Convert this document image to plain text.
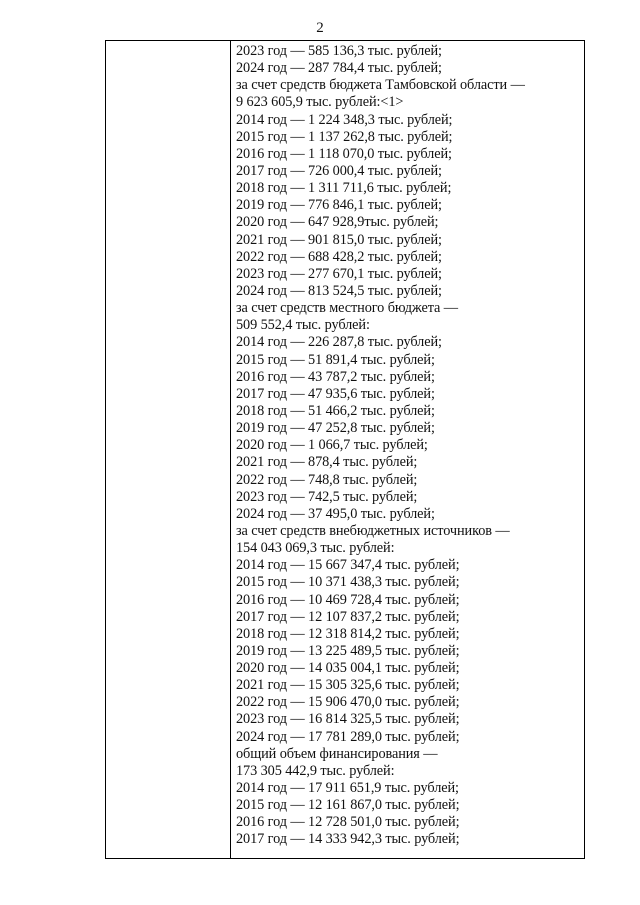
2
2023 год — 585 136,3 тыс. рублей;
2024 год — 287 784,4 тыс. рублей;
за счет средств бюджета Тамбовской области —
9 623 605,9 тыс. рублей:<1>
2014 год — 1 224 348,3 тыс. рублей;
2015 год — 1 137 262,8 тыс. рублей;
2016 год — 1 118 070,0 тыс. рублей;
2017 год — 726 000,4 тыс. рублей;
2018 год — 1 311 711,6 тыс. рублей;
2019 год — 776 846,1 тыс. рублей;
2020 год — 647 928,9тыс. рублей;
2021 год — 901 815,0 тыс. рублей;
2022 год — 688 428,2 тыс. рублей;
2023 год — 277 670,1 тыс. рублей;
2024 год — 813 524,5 тыс. рублей;
за счет средств местного бюджета —
509 552,4 тыс. рублей:
2014 год — 226 287,8 тыс. рублей;
2015 год — 51 891,4 тыс. рублей;
2016 год — 43 787,2 тыс. рублей;
2017 год — 47 935,6 тыс. рублей;
2018 год — 51 466,2 тыс. рублей;
2019 год — 47 252,8 тыс. рублей;
2020 год — 1 066,7 тыс. рублей;
2021 год — 878,4 тыс. рублей;
2022 год — 748,8 тыс. рублей;
2023 год — 742,5 тыс. рублей;
2024 год — 37 495,0 тыс. рублей;
за счет средств внебюджетных источников —
154 043 069,3 тыс. рублей:
2014 год — 15 667 347,4 тыс. рублей;
2015 год — 10 371 438,3 тыс. рублей;
2016 год — 10 469 728,4 тыс. рублей;
2017 год — 12 107 837,2 тыс. рублей;
2018 год — 12 318 814,2 тыс. рублей;
2019 год — 13 225 489,5 тыс. рублей;
2020 год — 14 035 004,1 тыс. рублей;
2021 год — 15 305 325,6 тыс. рублей;
2022 год — 15 906 470,0 тыс. рублей;
2023 год — 16 814 325,5 тыс. рублей;
2024 год — 17 781 289,0 тыс. рублей;
общий объем финансирования —
173 305 442,9 тыс. рублей:
2014 год — 17 911 651,9 тыс. рублей;
2015 год — 12 161 867,0 тыс. рублей;
2016 год — 12 728 501,0 тыс. рублей;
2017 год — 14 333 942,3 тыс. рублей;
